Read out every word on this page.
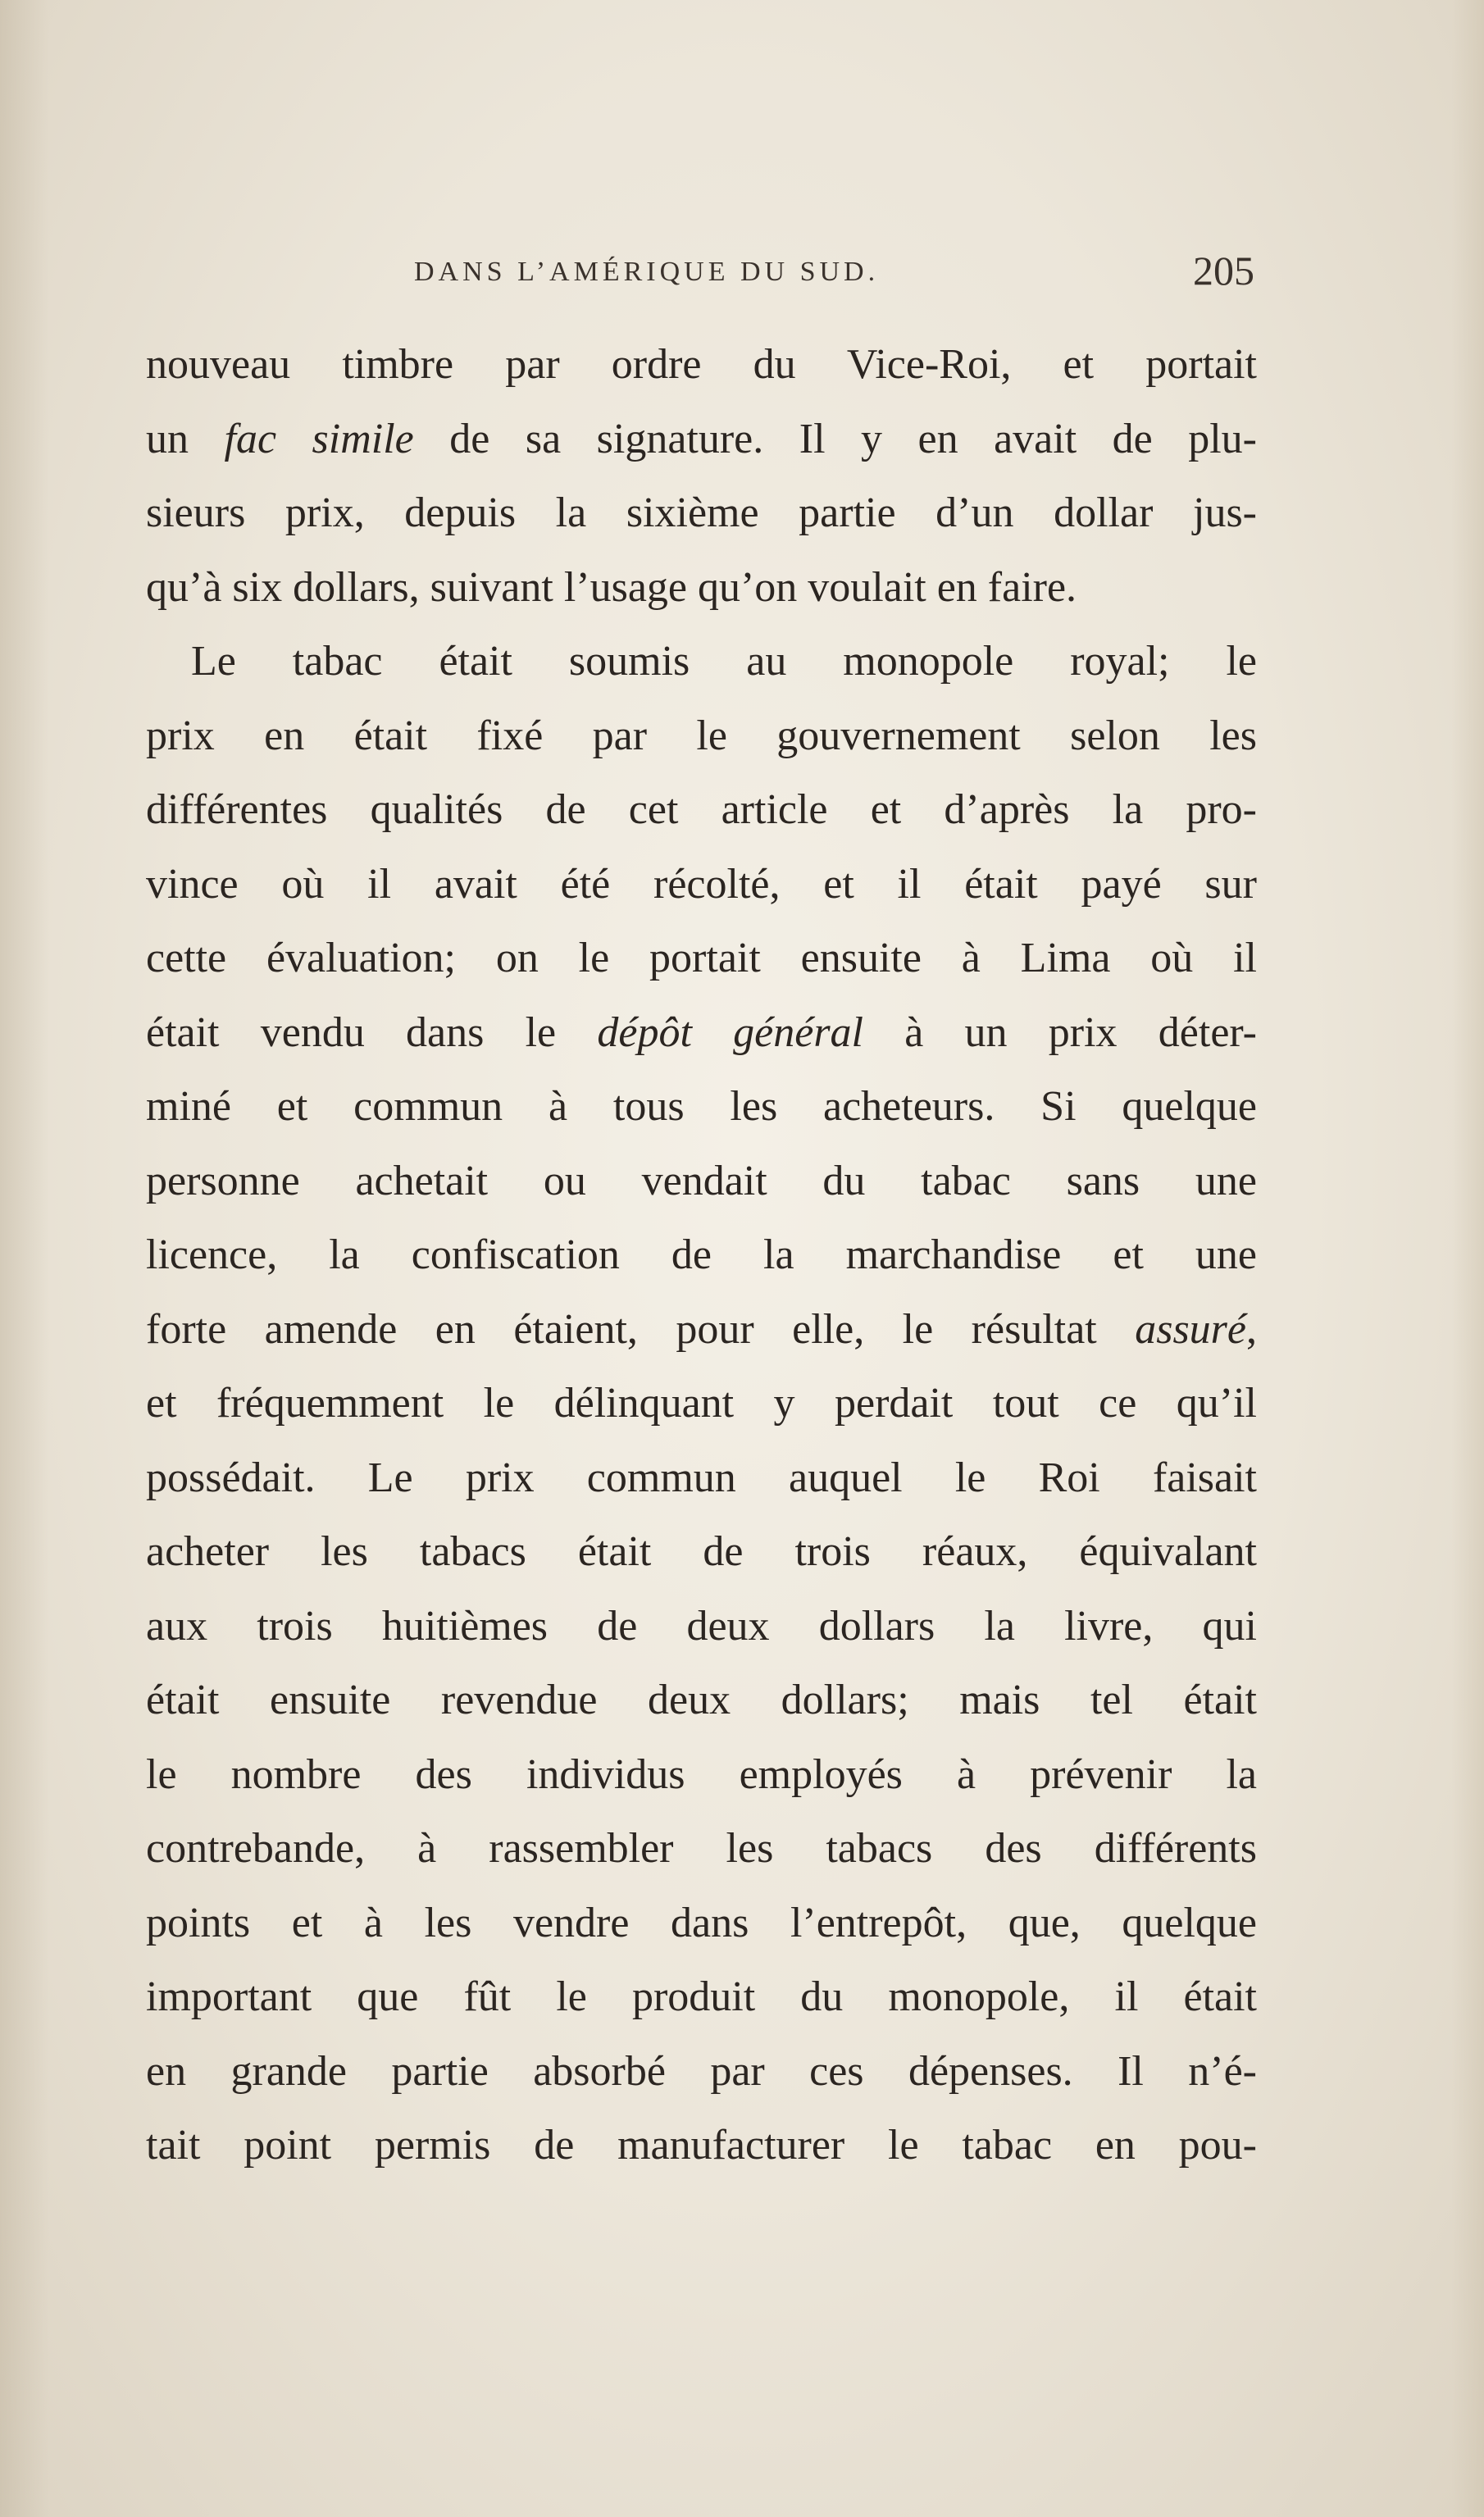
DANS L’AMÉRIQUE DU SUD.	205
nouveau timbre par ordre du Vice-Roi, et portait
un fac simile de sa signature. Il y en avait de plu-
sieurs prix, depuis la sixième partie d’un dollar jus-
qu’à six dollars, suivant l’usage qu’on voulait en faire.
Le tabac était soumis au monopole royal; le
prix en était fixé par le gouvernement selon les
différentes qualités de cet article et d’après la pro-
vince où il avait été récolté, et il était payé sur
cette évaluation; on le portait ensuite à Lima où il
était vendu dans le dépôt général à un prix déter-
miné et commun à tous les acheteurs. Si quelque
personne achetait ou vendait du tabac sans une
licence, la confiscation de la marchandise et une
forte amende en étaient, pour elle, le résultat assuré,
et fréquemment le délinquant y perdait tout ce qu’il
possédait. Le prix commun auquel le Roi faisait
acheter les tabacs était de trois réaux, équivalant
aux trois huitièmes de deux dollars la livre, qui
était ensuite revendue deux dollars; mais tel était
le nombre des individus employés à prévenir la
contrebande, à rassembler les tabacs des différents
points et à les vendre dans l’entrepôt, que, quelque
important que fût le produit du monopole, il était
en grande partie absorbé par ces dépenses. Il n’é-
tait point permis de manufacturer le tabac en pou-
